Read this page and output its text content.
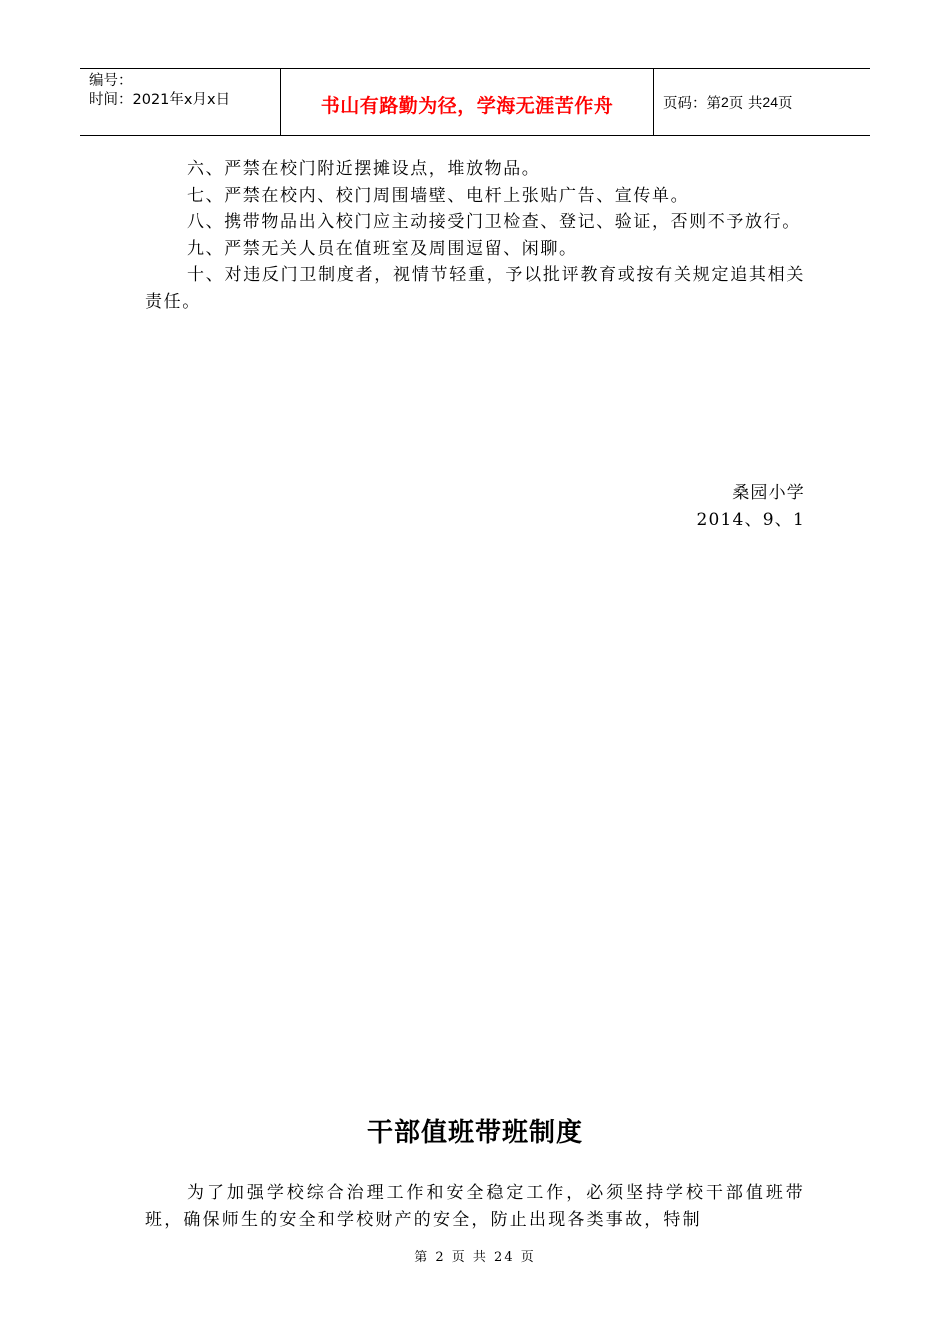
编号：
时间：2021年x月x日	书山有路勤为径，学海无涯苦作舟	页码：第 2 页 共 24 页

六、严禁在校门附近摆摊设点，堆放物品。

七、严禁在校内、校门周围墙壁、电杆上张贴广告、宣传单。

八、携带物品出入校门应主动接受门卫检查、登记、验证，否则不予放行。

九、严禁无关人员在值班室及周围逗留、闲聊。

十、对违反门卫制度者，视情节轻重，予以批评教育或按有关规定追其相关责任。

桑园小学
2014、9、1
干部值班带班制度

为了加强学校综合治理工作和安全稳定工作，必须坚持学校干部值班带班，确保师生的安全和学校财产的安全，防止出现各类事故，特制

第 2 页 共 24 页
